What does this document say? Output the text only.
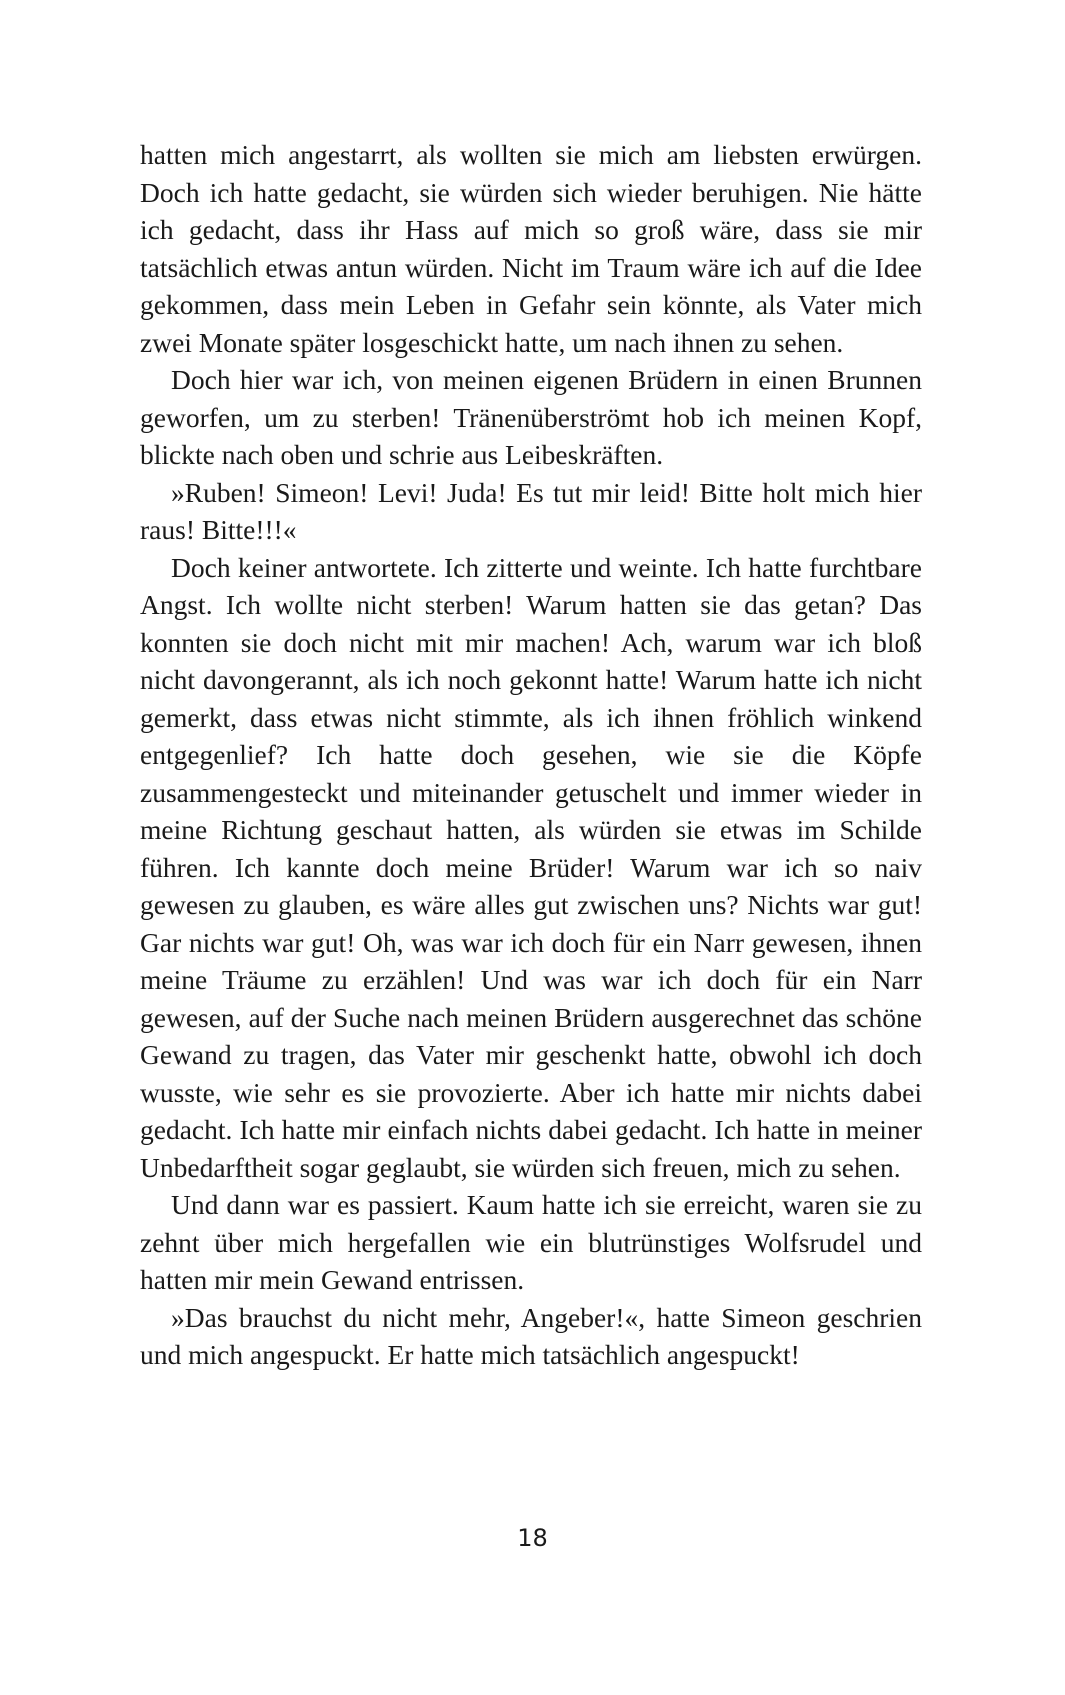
hatten mich angestarrt, als wollten sie mich am liebsten erwürgen. Doch ich hatte gedacht, sie würden sich wieder beruhigen. Nie hätte ich gedacht, dass ihr Hass auf mich so groß wäre, dass sie mir tatsächlich etwas antun würden. Nicht im Traum wäre ich auf die Idee gekommen, dass mein Leben in Gefahr sein könnte, als Vater mich zwei Monate später losgeschickt hatte, um nach ihnen zu sehen.

Doch hier war ich, von meinen eigenen Brüdern in einen Brunnen geworfen, um zu sterben! Tränenüberströmt hob ich meinen Kopf, blickte nach oben und schrie aus Leibeskräften.

»Ruben! Simeon! Levi! Juda! Es tut mir leid! Bitte holt mich hier raus! Bitte!!!«

Doch keiner antwortete. Ich zitterte und weinte. Ich hatte furchtbare Angst. Ich wollte nicht sterben! Warum hatten sie das getan? Das konnten sie doch nicht mit mir machen! Ach, warum war ich bloß nicht davongerannt, als ich noch gekonnt hatte! Warum hatte ich nicht gemerkt, dass etwas nicht stimmte, als ich ihnen fröhlich winkend entgegenlief? Ich hatte doch gesehen, wie sie die Köpfe zusammengesteckt und miteinander getuschelt und immer wieder in meine Richtung geschaut hatten, als würden sie etwas im Schilde führen. Ich kannte doch meine Brüder! Warum war ich so naiv gewesen zu glauben, es wäre alles gut zwischen uns? Nichts war gut! Gar nichts war gut! Oh, was war ich doch für ein Narr gewesen, ihnen meine Träume zu erzählen! Und was war ich doch für ein Narr gewesen, auf der Suche nach meinen Brüdern ausgerechnet das schöne Gewand zu tragen, das Vater mir geschenkt hatte, obwohl ich doch wusste, wie sehr es sie provozierte. Aber ich hatte mir nichts dabei gedacht. Ich hatte mir einfach nichts dabei gedacht. Ich hatte in meiner Unbedarftheit sogar geglaubt, sie würden sich freuen, mich zu sehen.

Und dann war es passiert. Kaum hatte ich sie erreicht, waren sie zu zehnt über mich hergefallen wie ein blutrünstiges Wolfsrudel und hatten mir mein Gewand entrissen.

»Das brauchst du nicht mehr, Angeber!«, hatte Simeon geschrien und mich angespuckt. Er hatte mich tatsächlich angespuckt!

18
